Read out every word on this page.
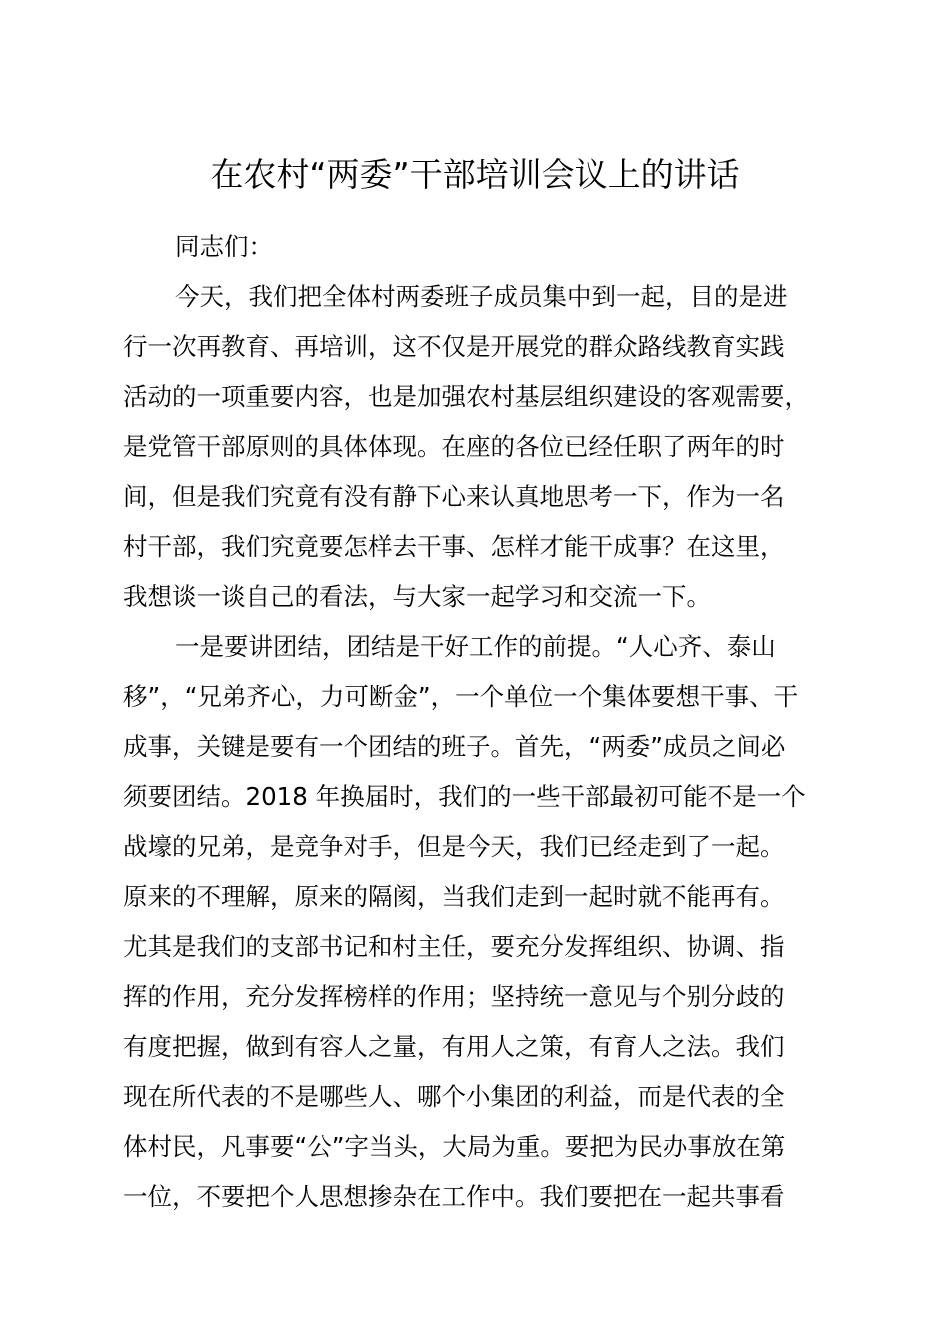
在农村“两委”干部培训会议上的讲话
同志们：
今天，我们把全体村两委班子成员集中到一起，目的是进
行一次再教育、再培训，这不仅是开展党的群众路线教育实践
活动的一项重要内容，也是加强农村基层组织建设的客观需要，
是党管干部原则的具体体现。在座的各位已经任职了两年的时
间，但是我们究竟有没有静下心来认真地思考一下，作为一名
村干部，我们究竟要怎样去干事、怎样才能干成事？在这里，
我想谈一谈自己的看法，与大家一起学习和交流一下。
一是要讲团结，团结是干好工作的前提。“人心齐、泰山
移”，“兄弟齐心，力可断金”，一个单位一个集体要想干事、干
成事，关键是要有一个团结的班子。首先，“两委”成员之间必
须要团结。2018 年换届时，我们的一些干部最初可能不是一个
战壕的兄弟，是竞争对手，但是今天，我们已经走到了一起。
原来的不理解，原来的隔阂，当我们走到一起时就不能再有。
尤其是我们的支部书记和村主任，要充分发挥组织、协调、指
挥的作用，充分发挥榜样的作用；坚持统一意见与个别分歧的
有度把握，做到有容人之量，有用人之策，有育人之法。我们
现在所代表的不是哪些人、哪个小集团的利益，而是代表的全
体村民，凡事要“公”字当头，大局为重。要把为民办事放在第
一位，不要把个人思想掺杂在工作中。我们要把在一起共事看
